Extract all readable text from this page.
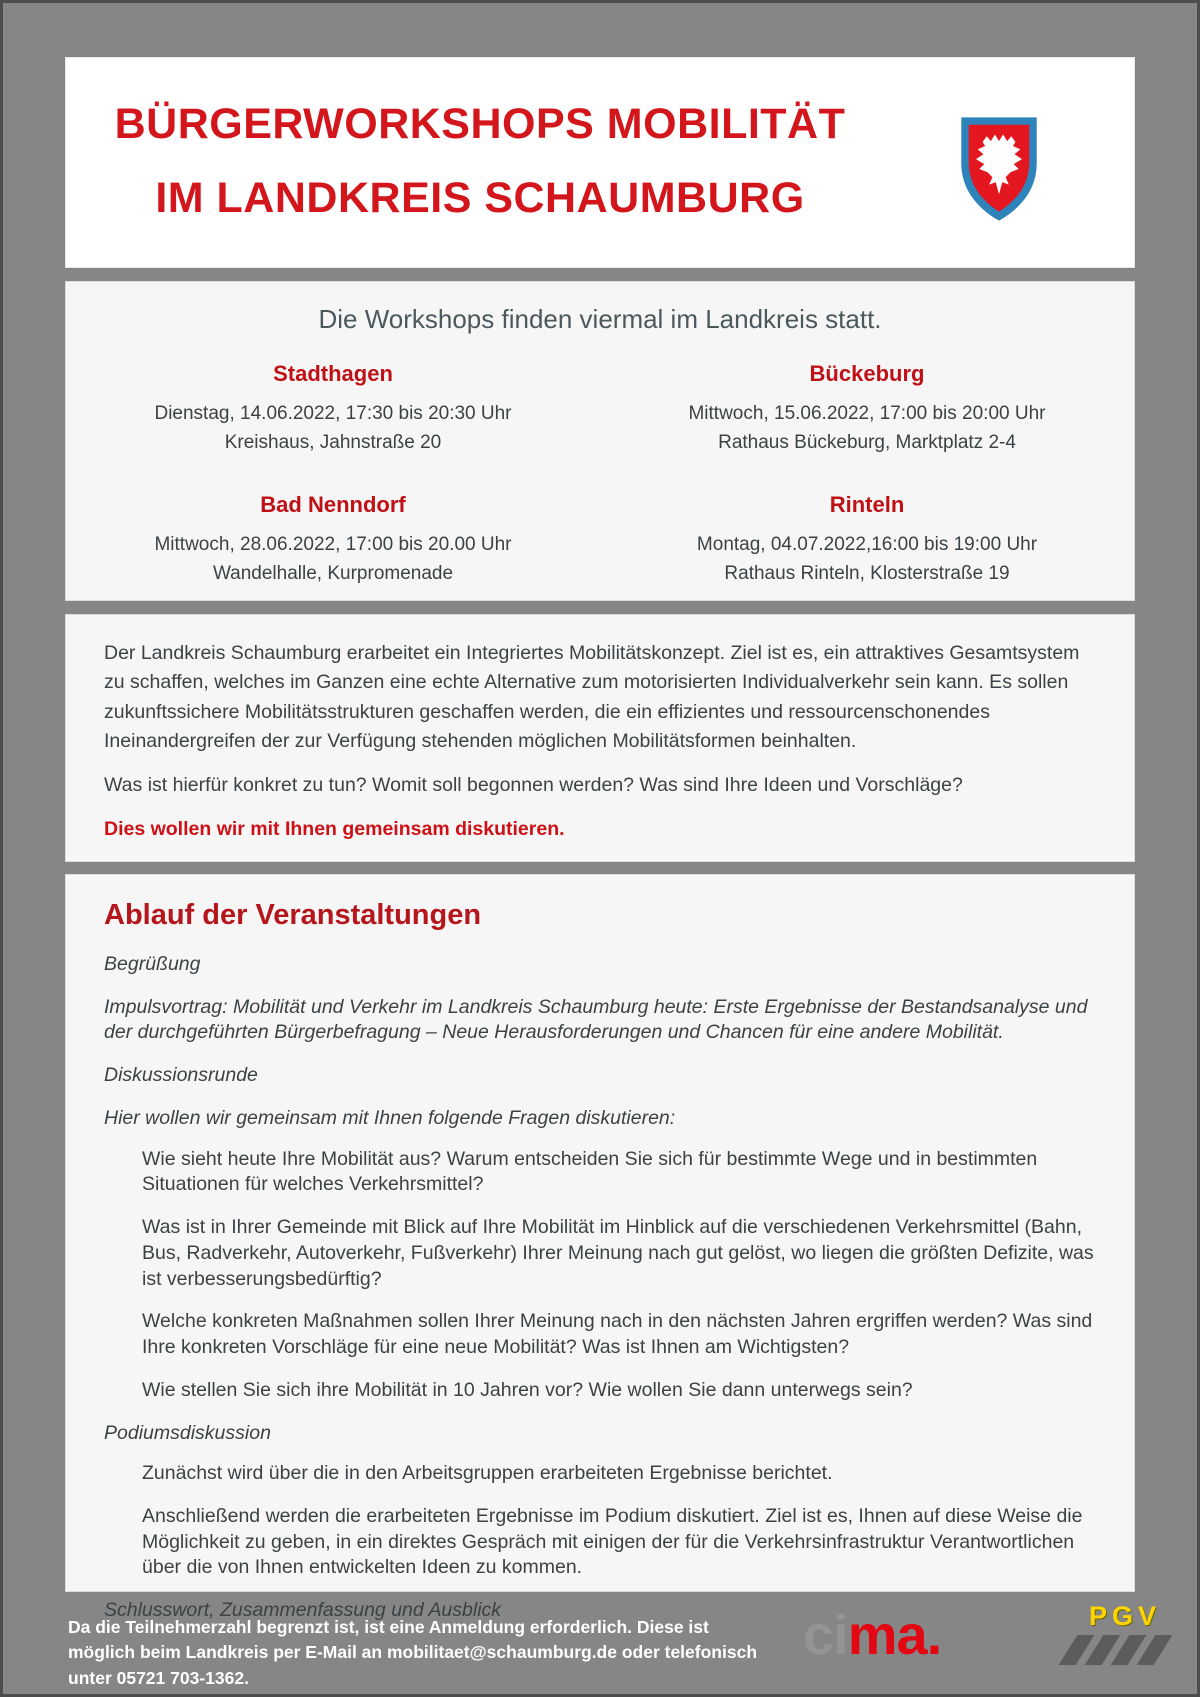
BÜRGERWORKSHOPS MOBILITÄT
IM LANDKREIS SCHAUMBURG

Die Workshops finden viermal im Landkreis statt.

Stadthagen

Dienstag, 14.06.2022, 17:30 bis 20:30 Uhr

Kreishaus, Jahnstraße 20

Bückeburg

Mittwoch, 15.06.2022, 17:00 bis 20:00 Uhr

Rathaus Bückeburg, Marktplatz 2-4

Bad Nenndorf

Mittwoch, 28.06.2022, 17:00 bis 20.00 Uhr

Wandelhalle, Kurpromenade

Rinteln

Montag, 04.07.2022,16:00 bis 19:00 Uhr

Rathaus Rinteln, Klosterstraße 19

Der Landkreis Schaumburg erarbeitet ein Integriertes Mobilitätskonzept. Ziel ist es, ein attraktives Gesamtsystem zu schaffen, welches im Ganzen eine echte Alternative zum motorisierten Individualverkehr sein kann. Es sollen zukunftssichere Mobilitätsstrukturen geschaffen werden, die ein effizientes und ressourcenschonendes Ineinandergreifen der zur Verfügung stehenden möglichen Mobilitätsformen beinhalten.

Was ist hierfür konkret zu tun? Womit soll begonnen werden? Was sind Ihre Ideen und Vorschläge?

Dies wollen wir mit Ihnen gemeinsam diskutieren.

Ablauf der Veranstaltungen

Begrüßung

Impulsvortrag: Mobilität und Verkehr im Landkreis Schaumburg heute: Erste Ergebnisse der Bestandsanalyse und der durchgeführten Bürgerbefragung – Neue Herausforderungen und Chancen für eine andere Mobilität.

Diskussionsrunde

Hier wollen wir gemeinsam mit Ihnen folgende Fragen diskutieren:

Wie sieht heute Ihre Mobilität aus? Warum entscheiden Sie sich für bestimmte Wege und in bestimmten Situationen für welches Verkehrsmittel?

Was ist in Ihrer Gemeinde mit Blick auf Ihre Mobilität im Hinblick auf die verschiedenen Verkehrsmittel (Bahn, Bus, Radverkehr, Autoverkehr, Fußverkehr) Ihrer Meinung nach gut gelöst, wo liegen die größten Defizite, was ist verbesserungsbedürftig?

Welche konkreten Maßnahmen sollen Ihrer Meinung nach in den nächsten Jahren ergriffen werden? Was sind Ihre konkreten Vorschläge für eine neue Mobilität? Was ist Ihnen am Wichtigsten?

Wie stellen Sie sich ihre Mobilität in 10 Jahren vor? Wie wollen Sie dann unterwegs sein?

Podiumsdiskussion

Zunächst wird über die in den Arbeitsgruppen erarbeiteten Ergebnisse berichtet.

Anschließend werden die erarbeiteten Ergebnisse im Podium diskutiert. Ziel ist es, Ihnen auf diese Weise die Möglichkeit zu geben, in ein direktes Gespräch mit einigen der für die Verkehrsinfrastruktur Verantwortlichen über die von Ihnen entwickelten Ideen zu kommen.

Schlusswort, Zusammenfassung und Ausblick

Da die Teilnehmerzahl begrenzt ist, ist eine Anmeldung erforderlich. Diese ist möglich beim Landkreis per E-Mail an mobilitaet@schaumburg.de oder telefonisch unter 05721 703-1362.

cima.	PGV
